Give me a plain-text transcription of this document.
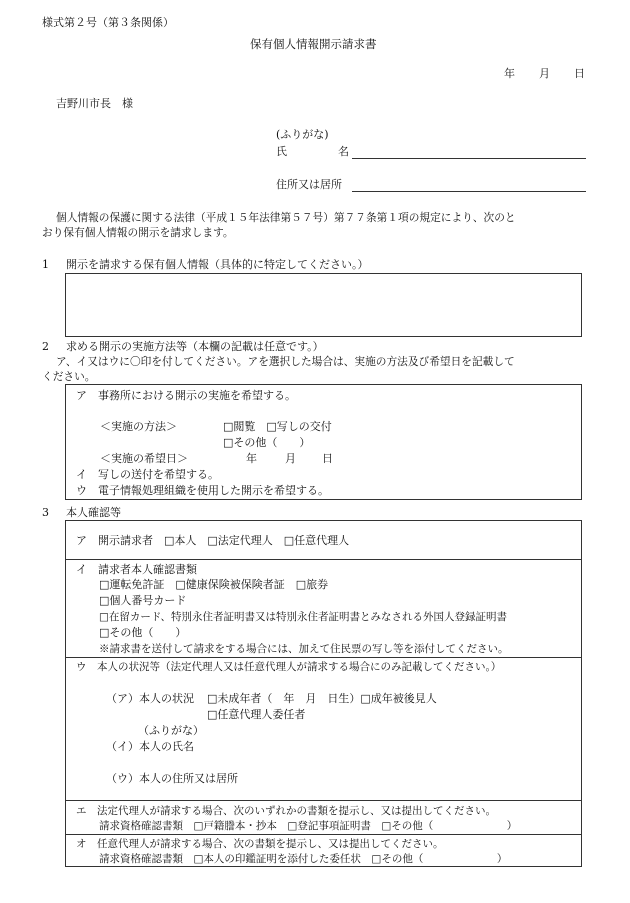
様式第２号（第３条関係）
保有個人情報開示請求書
年 月 日
吉野川市長　様
(ふりがな)
氏	名
住所又は居所
個人情報の保護に関する法律（平成１５年法律第５７号）第７７条第１項の規定により、次のと
おり保有個人情報の開示を請求します。
1 開示を請求する保有個人情報（具体的に特定してください。）
2 求める開示の実施方法等（本欄の記載は任意です。）
ア、イ又はウに〇印を付してください。アを選択した場合は、実施の方法及び希望日を記載して
ください。
ア　事務所における開示の実施を希望する。
＜実施の方法＞	□閲覧　□写しの交付
□その他（　　）
＜実施の希望日＞	年	月 日
イ　写しの送付を希望する。
ウ　電子情報処理組織を使用した開示を希望する。
3 本人確認等
ア　開示請求者　□本人　□法定代理人　□任意代理人
イ　請求者本人確認書類
□運転免許証　□健康保険被保険者証　□旅券
□個人番号カード
□在留カード、特別永住者証明書又は特別永住者証明書とみなされる外国人登録証明書
□その他（　　）
※請求書を送付して請求をする場合には、加えて住民票の写し等を添付してください。
ウ　本人の状況等（法定代理人又は任意代理人が請求する場合にのみ記載してください。）
（ア）本人の状況 □未成年者（　年　月　日生）□成年被後見人
□任意代理人委任者
（ふりがな）
（イ）本人の氏名
（ウ）本人の住所又は居所
エ　法定代理人が請求する場合、次のいずれかの書類を提示し、又は提出してください。
請求資格確認書類　□戸籍謄本・抄本　□登記事項証明書　□その他（　　　　　　　）
オ　任意代理人が請求する場合、次の書類を提示し、又は提出してください。
請求資格確認書類　□本人の印鑑証明を添付した委任状　□その他（　　　　　　　）
